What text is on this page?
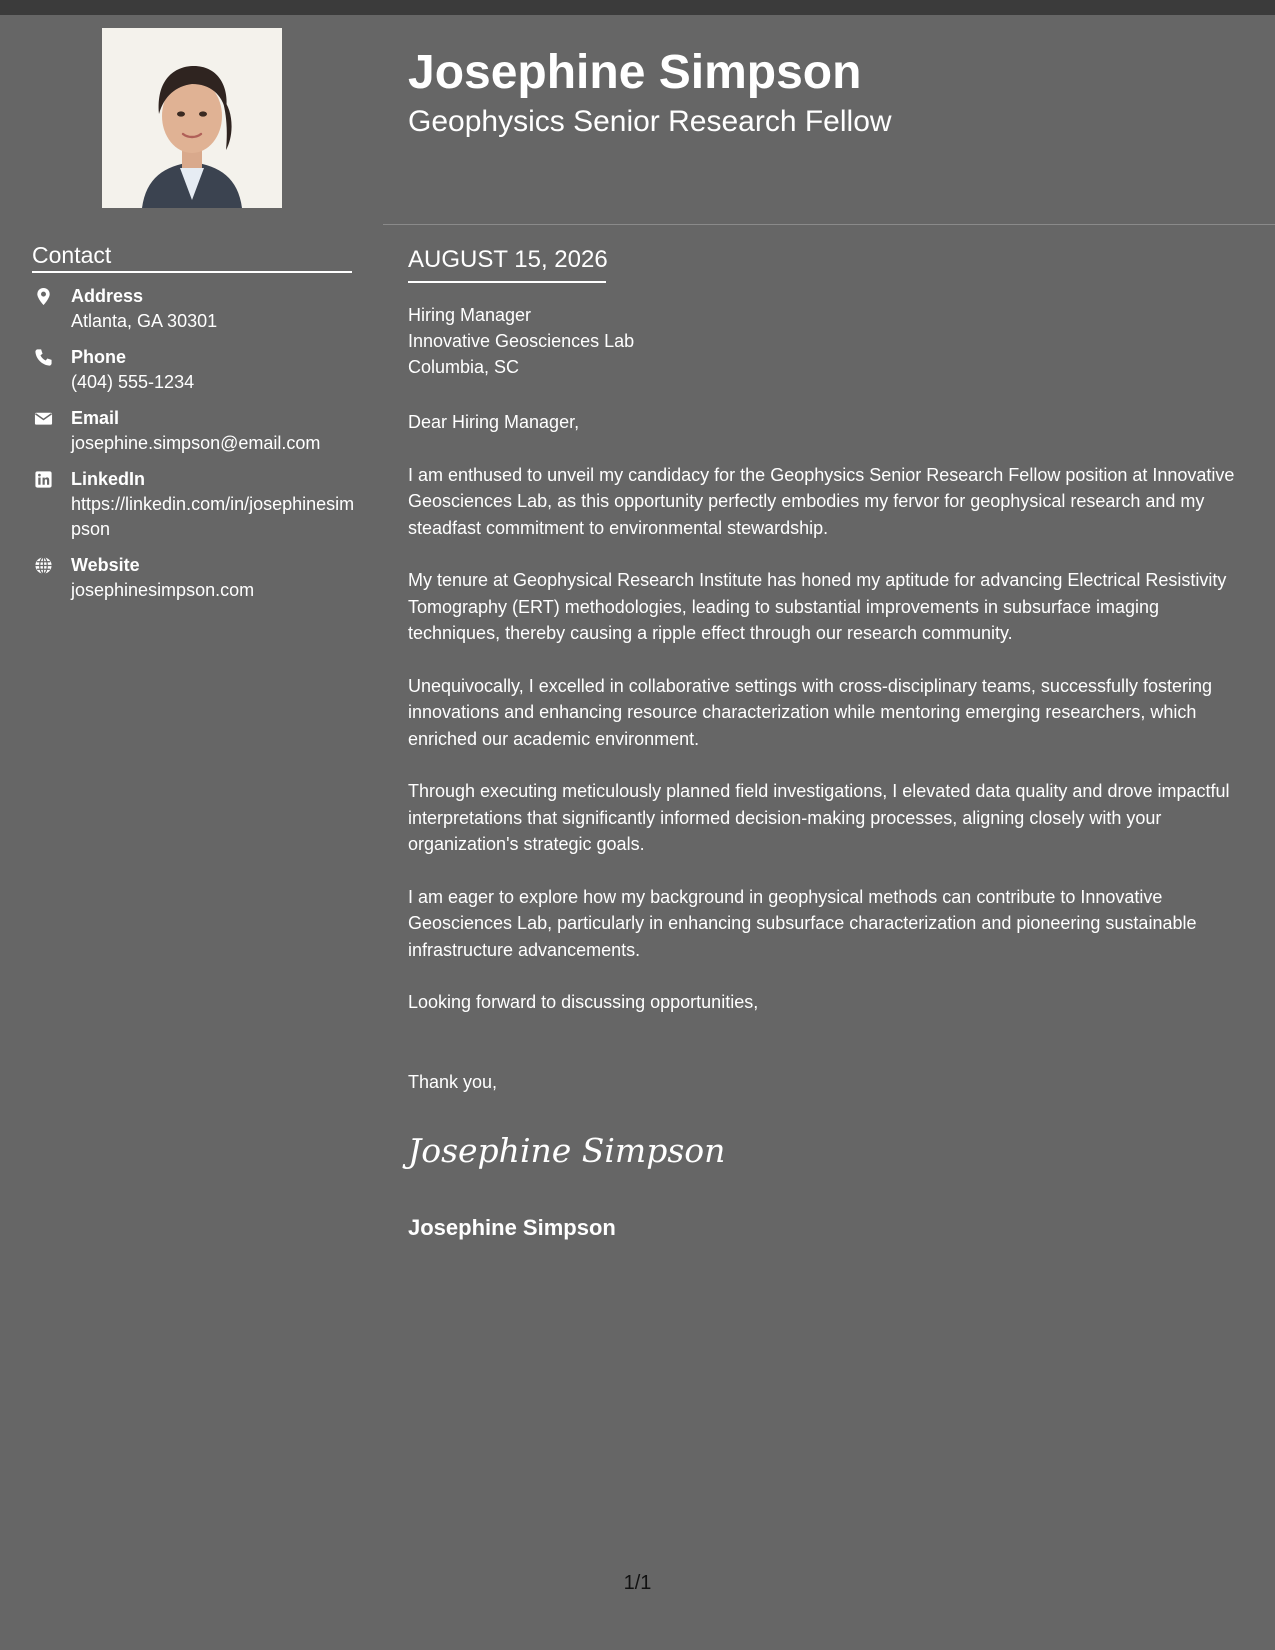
Josephine Simpson
Geophysics Senior Research Fellow
Contact
Address
Atlanta, GA 30301
Phone
(404) 555-1234
Email
josephine.simpson@email.com
LinkedIn
https://linkedin.com/in/josephinesimpson
Website
josephinesimpson.com
AUGUST 15, 2026
Hiring Manager
Innovative Geosciences Lab
Columbia, SC

Dear Hiring Manager,

I am enthused to unveil my candidacy for the Geophysics Senior Research Fellow position at Innovative Geosciences Lab, as this opportunity perfectly embodies my fervor for geophysical research and my steadfast commitment to environmental stewardship.

My tenure at Geophysical Research Institute has honed my aptitude for advancing Electrical Resistivity Tomography (ERT) methodologies, leading to substantial improvements in subsurface imaging techniques, thereby causing a ripple effect through our research community.

Unequivocally, I excelled in collaborative settings with cross-disciplinary teams, successfully fostering innovations and enhancing resource characterization while mentoring emerging researchers, which enriched our academic environment.

Through executing meticulously planned field investigations, I elevated data quality and drove impactful interpretations that significantly informed decision-making processes, aligning closely with your organization's strategic goals.

I am eager to explore how my background in geophysical methods can contribute to Innovative Geosciences Lab, particularly in enhancing subsurface characterization and pioneering sustainable infrastructure advancements.

Looking forward to discussing opportunities,

Thank you,

Josephine Simpson
Josephine Simpson
1/1
